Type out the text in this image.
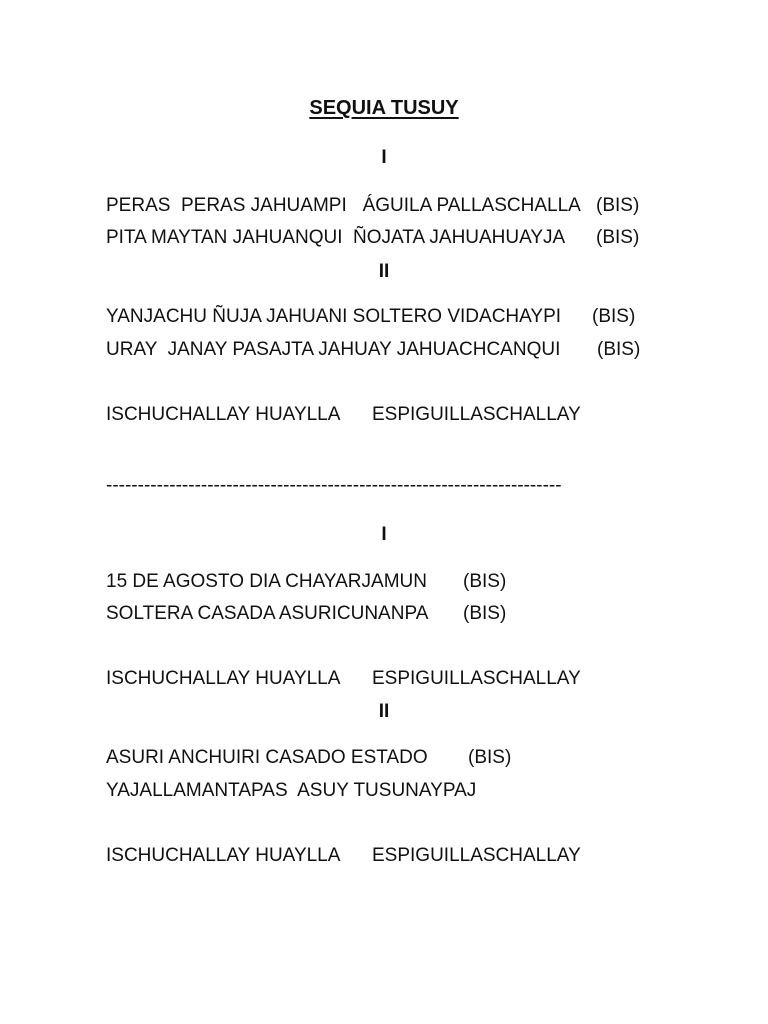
SEQUIA TUSUY

I

PERAS  PERAS JAHUAMPI   ÁGUILA PALLASCHALLA (BIS)

PITA MAYTAN JAHUANQUI  ÑOJATA JAHUAHUAYJA (BIS)

II

YANJACHU ÑUJA JAHUANI SOLTERO VIDACHAYPI (BIS)

URAY  JANAY PASAJTA JAHUAY JAHUACHCANQUI (BIS)

ISCHUCHALLAY HUAYLLA ESPIGUILLASCHALLAY

------------------------------------------------------------------------

I

15 DE AGOSTO DIA CHAYARJAMUN (BIS)

SOLTERA CASADA ASURICUNANPA (BIS)

ISCHUCHALLAY HUAYLLA ESPIGUILLASCHALLAY

II

ASURI ANCHUIRI CASADO ESTADO (BIS)

YAJALLAMANTAPAS  ASUY TUSUNAYPAJ

ISCHUCHALLAY HUAYLLA ESPIGUILLASCHALLAY
